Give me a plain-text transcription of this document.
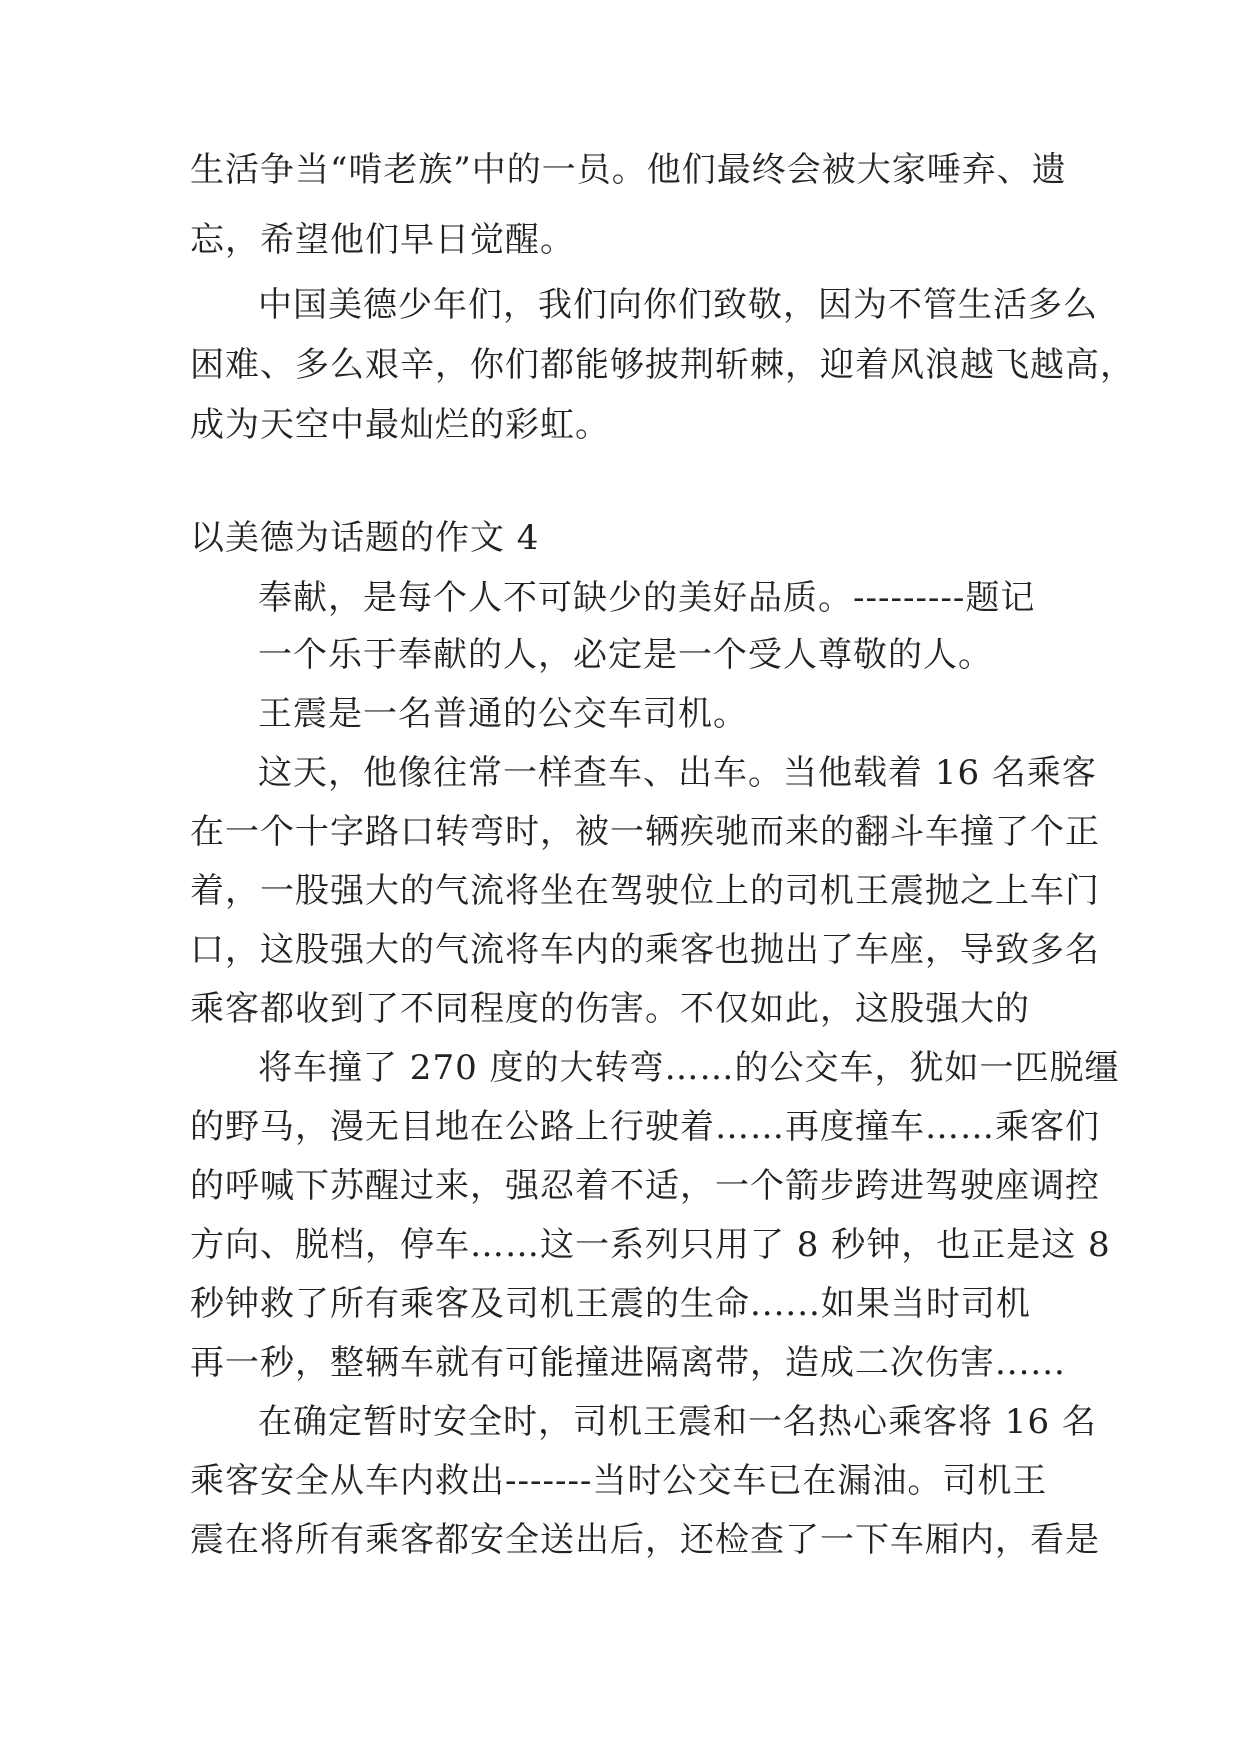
生活争当“啃老族”中的一员。他们最终会被大家唾弃、遗
忘，希望他们早日觉醒。
中国美德少年们，我们向你们致敬，因为不管生活多么
困难、多么艰辛，你们都能够披荆斩棘，迎着风浪越飞越高，
成为天空中最灿烂的彩虹。
以美德为话题的作文 4
奉献，是每个人不可缺少的美好品质。---------题记
一个乐于奉献的人，必定是一个受人尊敬的人。
王震是一名普通的公交车司机。
这天，他像往常一样查车、出车。当他载着 16 名乘客
在一个十字路口转弯时，被一辆疾驰而来的翻斗车撞了个正
着，一股强大的气流将坐在驾驶位上的司机王震抛之上车门
口，这股强大的气流将车内的乘客也抛出了车座，导致多名
乘客都收到了不同程度的伤害。不仅如此，这股强大的
将车撞了 270 度的大转弯……的公交车，犹如一匹脱缰
的野马，漫无目地在公路上行驶着……再度撞车……乘客们
的呼喊下苏醒过来，强忍着不适，一个箭步跨进驾驶座调控
方向、脱档，停车……这一系列只用了 8 秒钟，也正是这 8
秒钟救了所有乘客及司机王震的生命......如果当时司机
再一秒，整辆车就有可能撞进隔离带，造成二次伤害......
在确定暂时安全时，司机王震和一名热心乘客将 16 名
乘客安全从车内救出-------当时公交车已在漏油。司机王
震在将所有乘客都安全送出后，还检查了一下车厢内，看是
